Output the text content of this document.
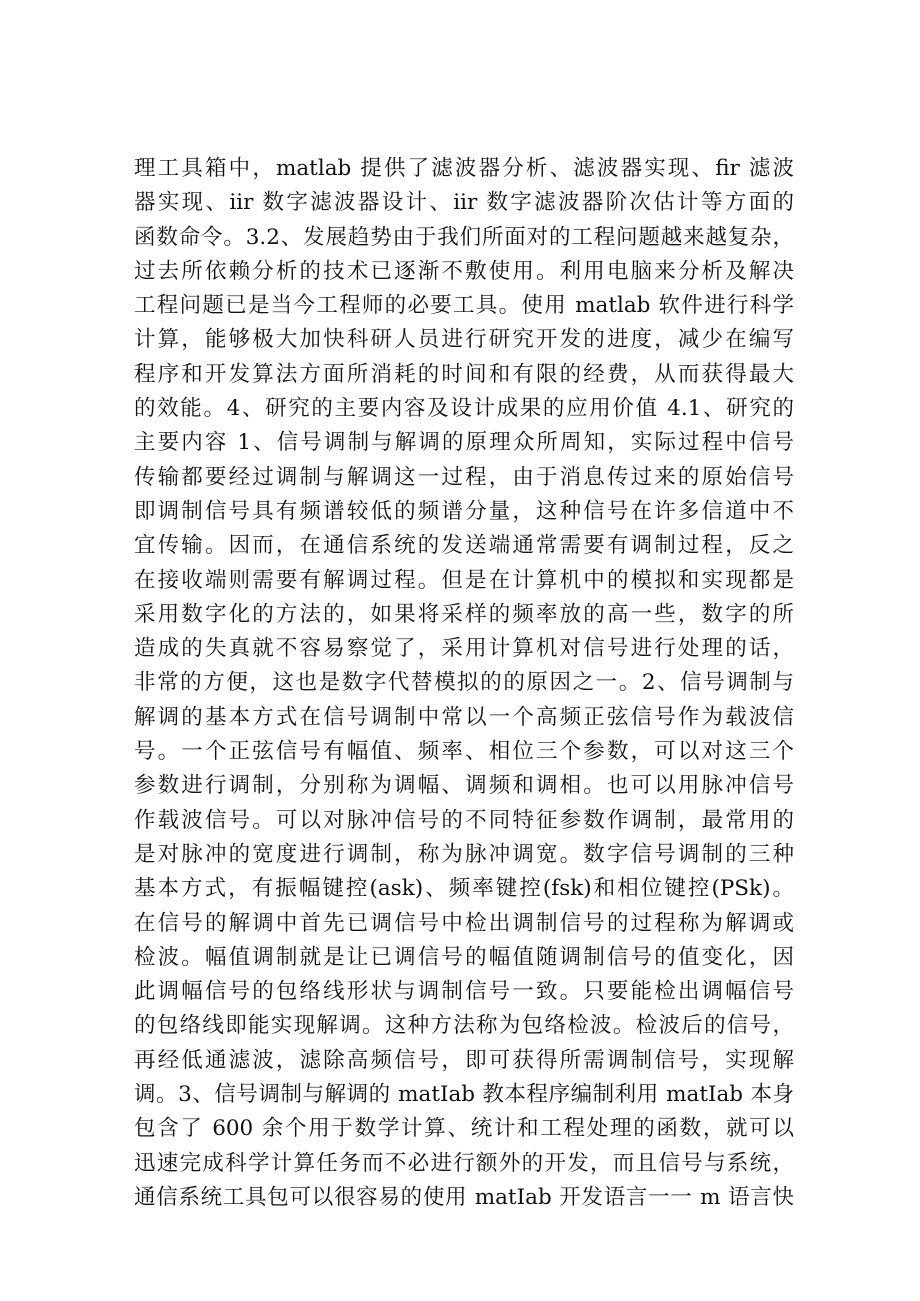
理工具箱中，matlab 提供了滤波器分析、滤波器实现、fir 滤波
器实现、iir 数字滤波器设计、iir 数字滤波器阶次估计等方面的
函数命令。3.2、发展趋势由于我们所面对的工程问题越来越复杂，
过去所依赖分析的技术已逐渐不敷使用。利用电脑来分析及解决
工程问题已是当今工程师的必要工具。使用 matlab 软件进行科学
计算，能够极大加快科研人员进行研究开发的进度，减少在编写
程序和开发算法方面所消耗的时间和有限的经费，从而获得最大
的效能。4、研究的主要内容及设计成果的应用价值 4.1、研究的
主要内容 1、信号调制与解调的原理众所周知，实际过程中信号
传输都要经过调制与解调这一过程，由于消息传过来的原始信号
即调制信号具有频谱较低的频谱分量，这种信号在许多信道中不
宜传输。因而，在通信系统的发送端通常需要有调制过程，反之
在接收端则需要有解调过程。但是在计算机中的模拟和实现都是
采用数字化的方法的，如果将采样的频率放的高一些，数字的所
造成的失真就不容易察觉了，采用计算机对信号进行处理的话，
非常的方便，这也是数字代替模拟的的原因之一。2、信号调制与
解调的基本方式在信号调制中常以一个高频正弦信号作为载波信
号。一个正弦信号有幅值、频率、相位三个参数，可以对这三个
参数进行调制，分别称为调幅、调频和调相。也可以用脉冲信号
作载波信号。可以对脉冲信号的不同特征参数作调制，最常用的
是对脉冲的宽度进行调制，称为脉冲调宽。数字信号调制的三种
基本方式，有振幅键控(ask)、频率键控(fsk)和相位键控(PSk)。
在信号的解调中首先已调信号中检出调制信号的过程称为解调或
检波。幅值调制就是让已调信号的幅值随调制信号的值变化，因
此调幅信号的包络线形状与调制信号一致。只要能检出调幅信号
的包络线即能实现解调。这种方法称为包络检波。检波后的信号，
再经低通滤波，滤除高频信号，即可获得所需调制信号，实现解
调。3、信号调制与解调的 matIab 教本程序编制利用 matIab 本身
包含了 600 余个用于数学计算、统计和工程处理的函数，就可以
迅速完成科学计算任务而不必进行额外的开发，而且信号与系统，
通信系统工具包可以很容易的使用 matIab 开发语言一一 m 语言快
